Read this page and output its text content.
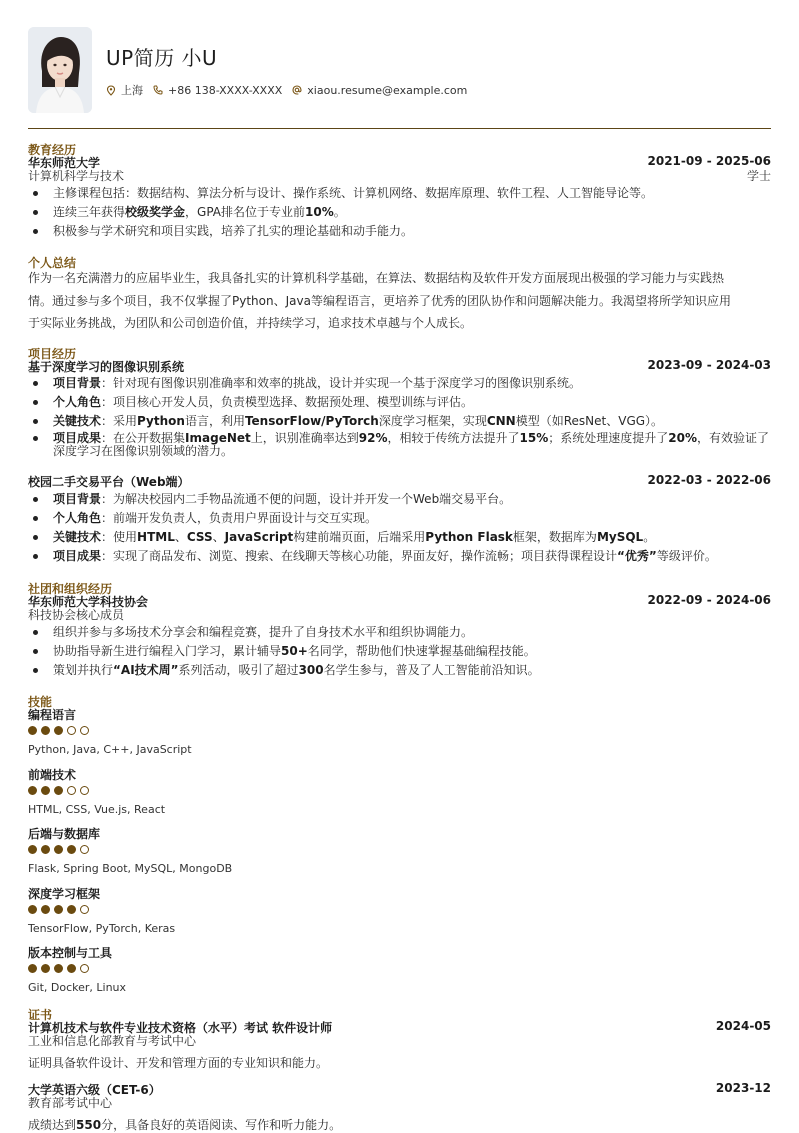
UP简历 小U
上海 +86 138-XXXX-XXXX xiaou.resume@example.com
教育经历
华东师范大学	2021-09 - 2025-06
计算机科学与技术	学士
主修课程包括：数据结构、算法分析与设计、操作系统、计算机网络、数据库原理、软件工程、人工智能导论等。
连续三年获得校级奖学金，GPA排名位于专业前10%。
积极参与学术研究和项目实践，培养了扎实的理论基础和动手能力。
个人总结
作为一名充满潜力的应届毕业生，我具备扎实的计算机科学基础，在算法、数据结构及软件开发方面展现出极强的学习能力与实践热
情。通过参与多个项目，我不仅掌握了Python、Java等编程语言，更培养了优秀的团队协作和问题解决能力。我渴望将所学知识应用
于实际业务挑战，为团队和公司创造价值，并持续学习，追求技术卓越与个人成长。
项目经历
基于深度学习的图像识别系统	2023-09 - 2024-03
项目背景：针对现有图像识别准确率和效率的挑战，设计并实现一个基于深度学习的图像识别系统。
个人角色：项目核心开发人员，负责模型选择、数据预处理、模型训练与评估。
关键技术：采用Python语言，利用TensorFlow/PyTorch深度学习框架，实现CNN模型（如ResNet、VGG）。
项目成果：在公开数据集ImageNet上，识别准确率达到92%，相较于传统方法提升了15%；系统处理速度提升了20%，有效验证了深度学习在图像识别领域的潜力。
校园二手交易平台（Web端）	2022-03 - 2022-06
项目背景：为解决校园内二手物品流通不便的问题，设计并开发一个Web端交易平台。
个人角色：前端开发负责人，负责用户界面设计与交互实现。
关键技术：使用HTML、CSS、JavaScript构建前端页面，后端采用Python Flask框架，数据库为MySQL。
项目成果：实现了商品发布、浏览、搜索、在线聊天等核心功能，界面友好，操作流畅；项目获得课程设计“优秀”等级评价。
社团和组织经历
华东师范大学科技协会	2022-09 - 2024-06
科技协会核心成员
组织并参与多场技术分享会和编程竞赛，提升了自身技术水平和组织协调能力。
协助指导新生进行编程入门学习，累计辅导50+名同学，帮助他们快速掌握基础编程技能。
策划并执行“AI技术周”系列活动，吸引了超过300名学生参与，普及了人工智能前沿知识。
技能
编程语言
Python, Java, C++, JavaScript
前端技术
HTML, CSS, Vue.js, React
后端与数据库
Flask, Spring Boot, MySQL, MongoDB
深度学习框架
TensorFlow, PyTorch, Keras
版本控制与工具
Git, Docker, Linux
证书
计算机技术与软件专业技术资格（水平）考试 软件设计师	2024-05
工业和信息化部教育与考试中心
证明具备软件设计、开发和管理方面的专业知识和能力。
大学英语六级（CET-6）	2023-12
教育部考试中心
成绩达到550分，具备良好的英语阅读、写作和听力能力。
